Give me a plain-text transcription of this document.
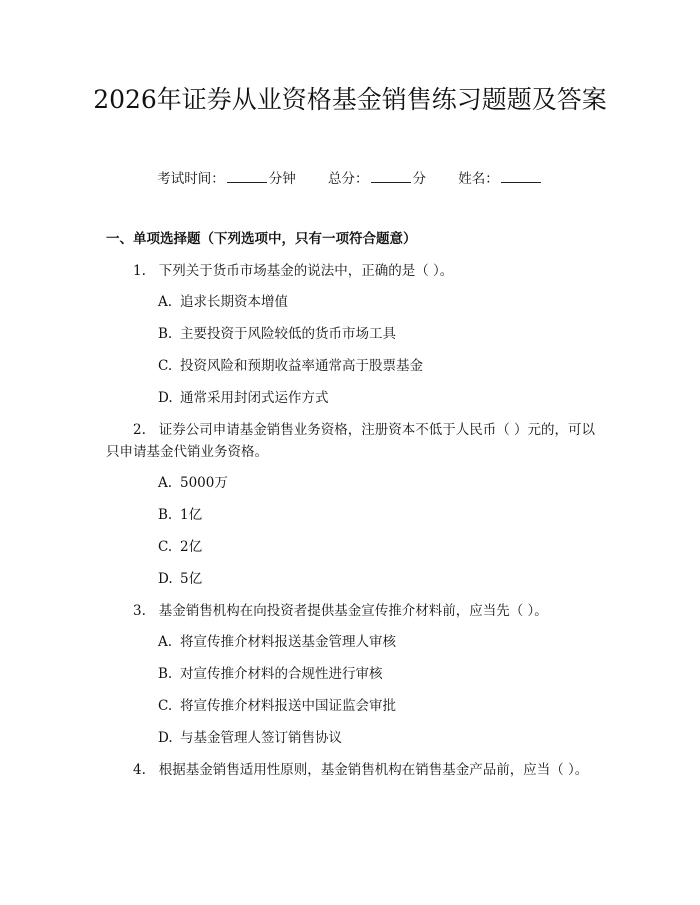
2026年证券从业资格基金销售练习题题及答案
考试时间：	分钟 总分：	分 姓名：
一、单项选择题（下列选项中，只有一项符合题意）

1. 下列关于货币市场基金的说法中，正确的是（ ）。

A. 追求长期资本增值

B. 主要投资于风险较低的货币市场工具

C. 投资风险和预期收益率通常高于股票基金

D. 通常采用封闭式运作方式

2. 证券公司申请基金销售业务资格，注册资本不低于人民币（ ）元的，可以只申请基金代销业务资格。

A. 5000万

B. 1亿

C. 2亿

D. 5亿

3. 基金销售机构在向投资者提供基金宣传推介材料前，应当先（ ）。

A. 将宣传推介材料报送基金管理人审核

B. 对宣传推介材料的合规性进行审核

C. 将宣传推介材料报送中国证监会审批

D. 与基金管理人签订销售协议

4. 根据基金销售适用性原则，基金销售机构在销售基金产品前，应当（ ）。
